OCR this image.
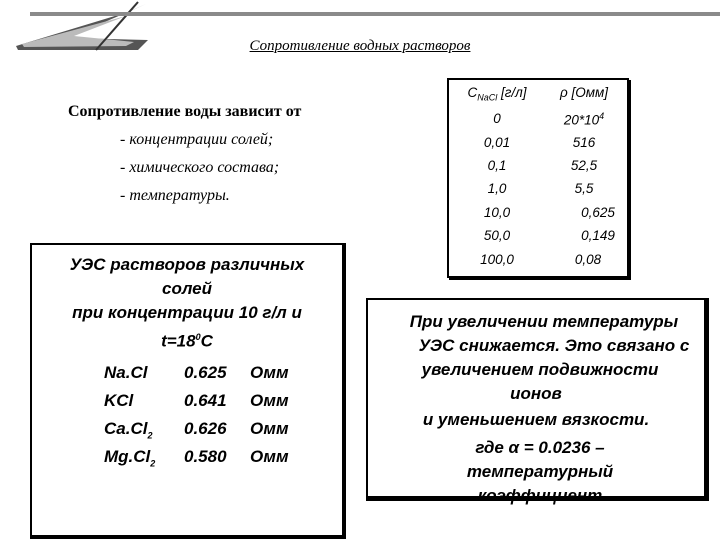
Сопротивление водных растворов
Сопротивление воды зависит от
- концентрации солей;
- химического состава;
- температуры.
$C_{NaCl}$ [г/л]	ρ [Омм]
0	$20*10^4$
0,01	516
0,1	52,5
1,0	5,5
10,0	0,625
50,0	0,149
100,0	0,08
УЭС растворов различных
солей
при концентрации 10 г/л и
$t=18^0C$
Na.Cl 0.625 Омм
KCl	0.641 Омм
$Ca.Cl_2$ 0.626 Омм
$Mg.Cl_2$ 0.580 Омм
При увеличении температуры
УЭС снижается. Это связано с
увеличением подвижности
ионов
и уменьшением вязкости.
где α = 0.0236 –
температурный
коэффициент
